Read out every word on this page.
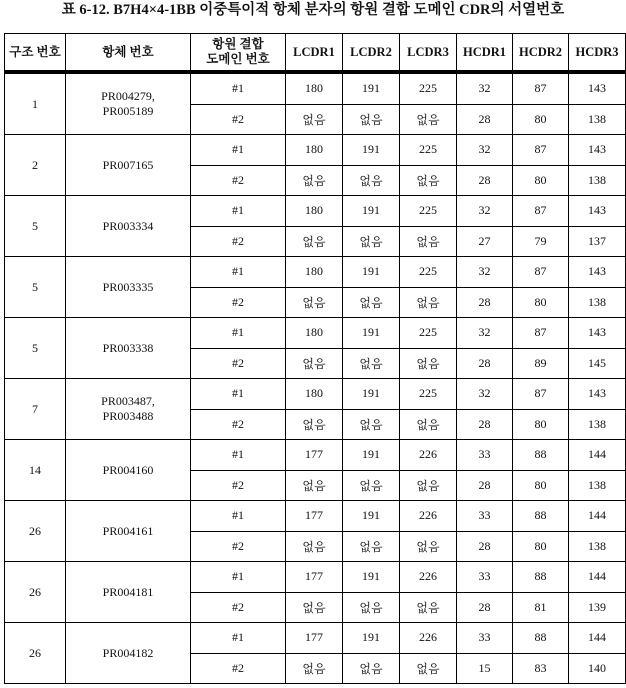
표 6-12. B7H4×4-1BB 이중특이적 항체 분자의 항원 결합 도메인 CDR의 서열번호
구조 번호	항체 번호	항원 결합
도메인 번호	LCDR1	LCDR2	LCDR3	HCDR1	HCDR2	HCDR3
1	PR004279,
PR005189	#1	180	191	225	32	87	143
#2	없음	없음	없음	28	80	138
2	PR007165	#1	180	191	225	32	87	143
#2	없음	없음	없음	28	80	138
5	PR003334	#1	180	191	225	32	87	143
#2	없음	없음	없음	27	79	137
5	PR003335	#1	180	191	225	32	87	143
#2	없음	없음	없음	28	80	138
5	PR003338	#1	180	191	225	32	87	143
#2	없음	없음	없음	28	89	145
7	PR003487,
PR003488	#1	180	191	225	32	87	143
#2	없음	없음	없음	28	80	138
14	PR004160	#1	177	191	226	33	88	144
#2	없음	없음	없음	28	80	138
26	PR004161	#1	177	191	226	33	88	144
#2	없음	없음	없음	28	80	138
26	PR004181	#1	177	191	226	33	88	144
#2	없음	없음	없음	28	81	139
26	PR004182	#1	177	191	226	33	88	144
#2	없음	없음	없음	15	83	140
